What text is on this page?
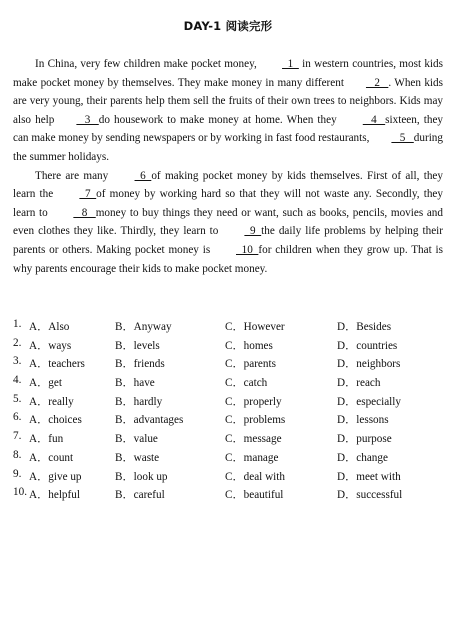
DAY-1 阅读完形

In China, very few children make pocket money,   1   in western countries, most kids make pocket money by themselves. They make money in many different   2   . When kids are very young, their parents help them sell the fruits of their own trees to neighbors. Kids may also help   3   do housework to make money at home. When they    4   sixteen, they can make money by sending newspapers or by working in fast food restaurants,   5   during the summer holidays.

There are many   6  of making pocket money by kids themselves. First of all, they learn the   7  of money by working hard so that they will not waste any. Secondly, they learn to    8   money to buy things they need or want, such as books, pencils, movies and even clothes they like. Thirdly, they learn to   9  the daily life problems by helping their parents or others. Making pocket money is   10  for children when they grow up. That is why parents encourage their kids to make pocket money.

1. A．Also	B．Anyway	C．However	D．Besides
2. A．ways	B．levels	C．homes	D．countries
3. A．teachers	B．friends	C．parents	D．neighbors
4. A．get	B．have	C．catch	D．reach
5. A．really	B．hardly	C．properly	D．especially
6. A．choices	B．advantages	C．problems	D．lessons
7. A．fun	B．value	C．message	D．purpose
8. A．count	B．waste	C．manage	D．change
9. A．give up	B．look up	C．deal with	D．meet with
10. A．helpful	B．careful	C．beautiful	D．successful
